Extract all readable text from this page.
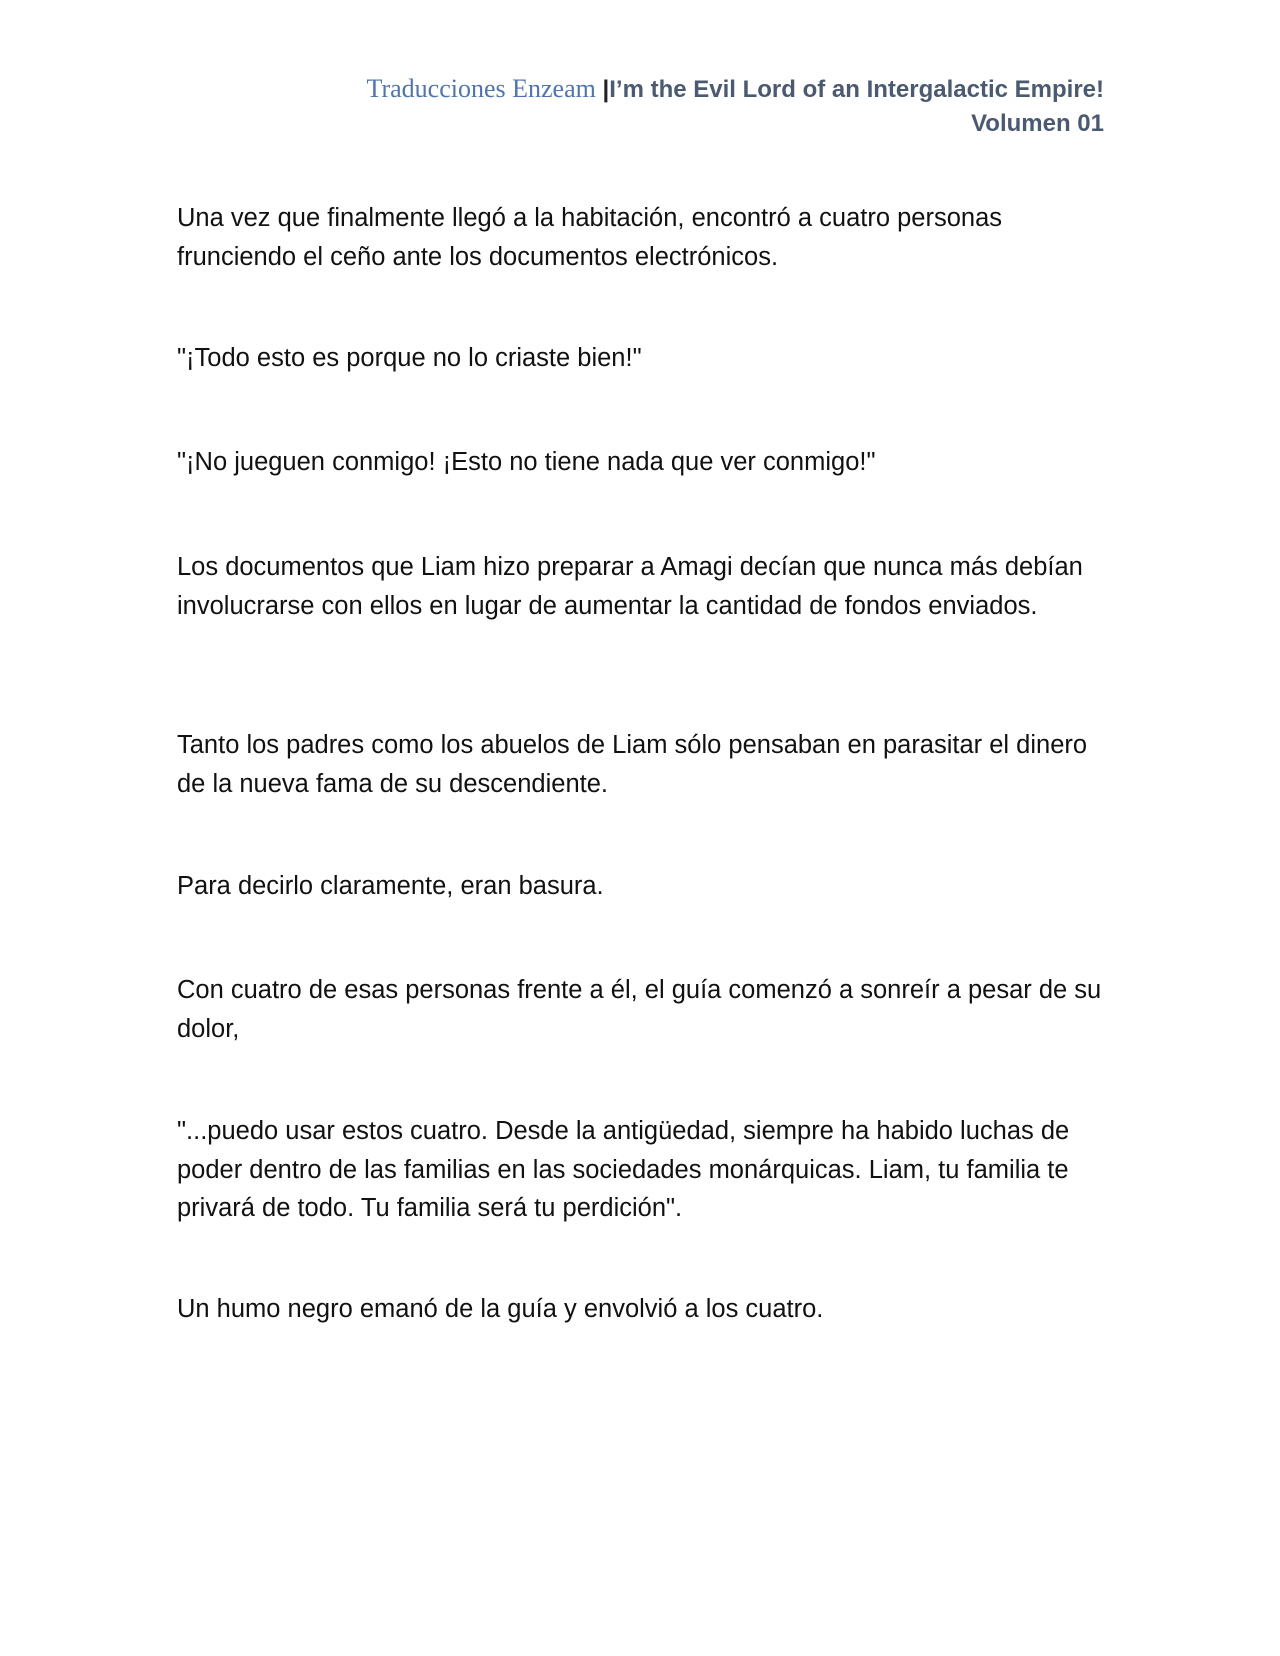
Traducciones Enzeam |I’m the Evil Lord of an Intergalactic Empire!
Volumen 01

Una vez que finalmente llegó a la habitación, encontró a cuatro personas frunciendo el ceño ante los documentos electrónicos.

"¡Todo esto es porque no lo criaste bien!"

"¡No jueguen conmigo! ¡Esto no tiene nada que ver conmigo!"

Los documentos que Liam hizo preparar a Amagi decían que nunca más debían involucrarse con ellos en lugar de aumentar la cantidad de fondos enviados.

Tanto los padres como los abuelos de Liam sólo pensaban en parasitar el dinero de la nueva fama de su descendiente.

Para decirlo claramente, eran basura.

Con cuatro de esas personas frente a él, el guía comenzó a sonreír a pesar de su dolor,

"...puedo usar estos cuatro. Desde la antigüedad, siempre ha habido luchas de poder dentro de las familias en las sociedades monárquicas. Liam, tu familia te privará de todo. Tu familia será tu perdición".

Un humo negro emanó de la guía y envolvió a los cuatro.
